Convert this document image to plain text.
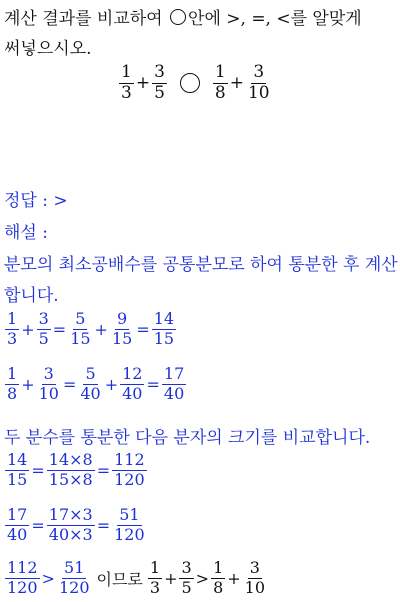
계산 결과를 비교하여 안에 >, =, <를 알맞게
써넣으시오.
$\frac{1}{3} + \frac{3}{5}$	$\frac{1}{8} + \frac{3}{10}$
정답 : >
해설 :
분모의 최소공배수를 공통분모로 하여 통분한 후 계산
합니다.
$\frac{1}{3} + \frac{3}{5} = \frac{5}{15} + \frac{9}{15} = \frac{14}{15}$
$\frac{1}{8} + \frac{3}{10} = \frac{5}{40} + \frac{12}{40} = \frac{17}{40}$
두 분수를 통분한 다음 분자의 크기를 비교합니다.
$\frac{14}{15} = \frac{14\times 8}{15\times 8} = \frac{112}{120}$
$\frac{17}{40} = \frac{17\times 3}{40\times 3} = \frac{51}{120}$
$\frac{112}{120} > \frac{51}{120}$ 이므로 $\frac{1}{3} + \frac{3}{5} > \frac{1}{8} + \frac{3}{10}$
